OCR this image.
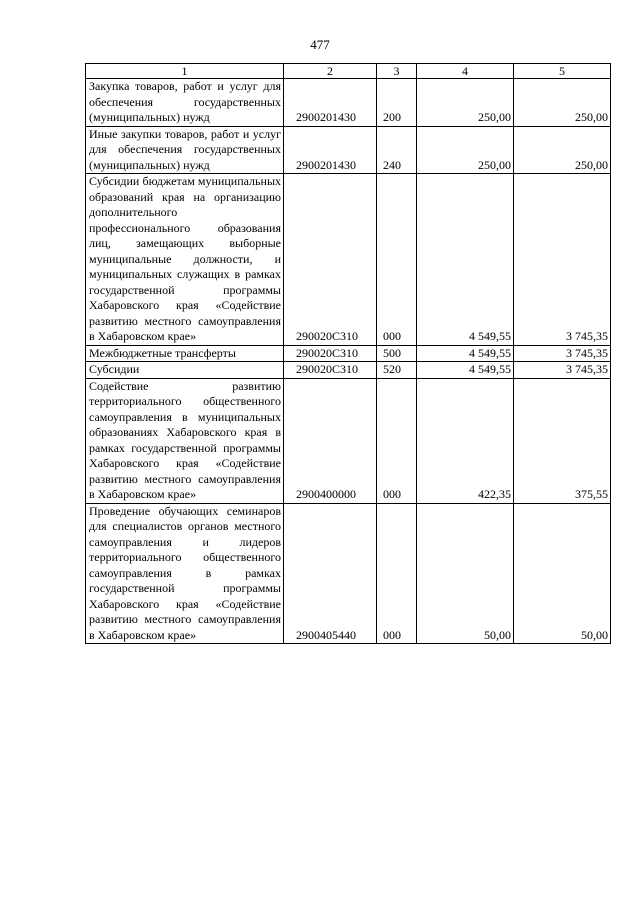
477
1	2	3	4	5
Закупка товаров, работ и услуг для обеспечения государственных (муниципальных) нужд	2900201430	200	250,00	250,00
Иные закупки товаров, работ и услуг для обеспечения государственных (муниципальных) нужд	2900201430	240	250,00	250,00
Субсидии бюджетам муниципальных образований края на организацию дополнительного профессионального образования лиц, замещающих выборные муниципальные должности, и муниципальных служащих в рамках государственной программы Хабаровского края «Содействие развитию местного самоуправления в Хабаровском крае»	290020С310	000	4 549,55	3 745,35
Межбюджетные трансферты	290020С310	500	4 549,55	3 745,35
Субсидии	290020С310	520	4 549,55	3 745,35
Содействие развитию территориального общественного самоуправления в муниципальных образованиях Хабаровского края в рамках государственной программы Хабаровского края «Содействие развитию местного самоуправления в Хабаровском крае»	2900400000	000	422,35	375,55
Проведение обучающих семинаров для специалистов органов местного самоуправления и лидеров территориального общественного самоуправления в рамках государственной программы Хабаровского края «Содействие развитию местного самоуправления в Хабаровском крае»	2900405440	000	50,00	50,00
